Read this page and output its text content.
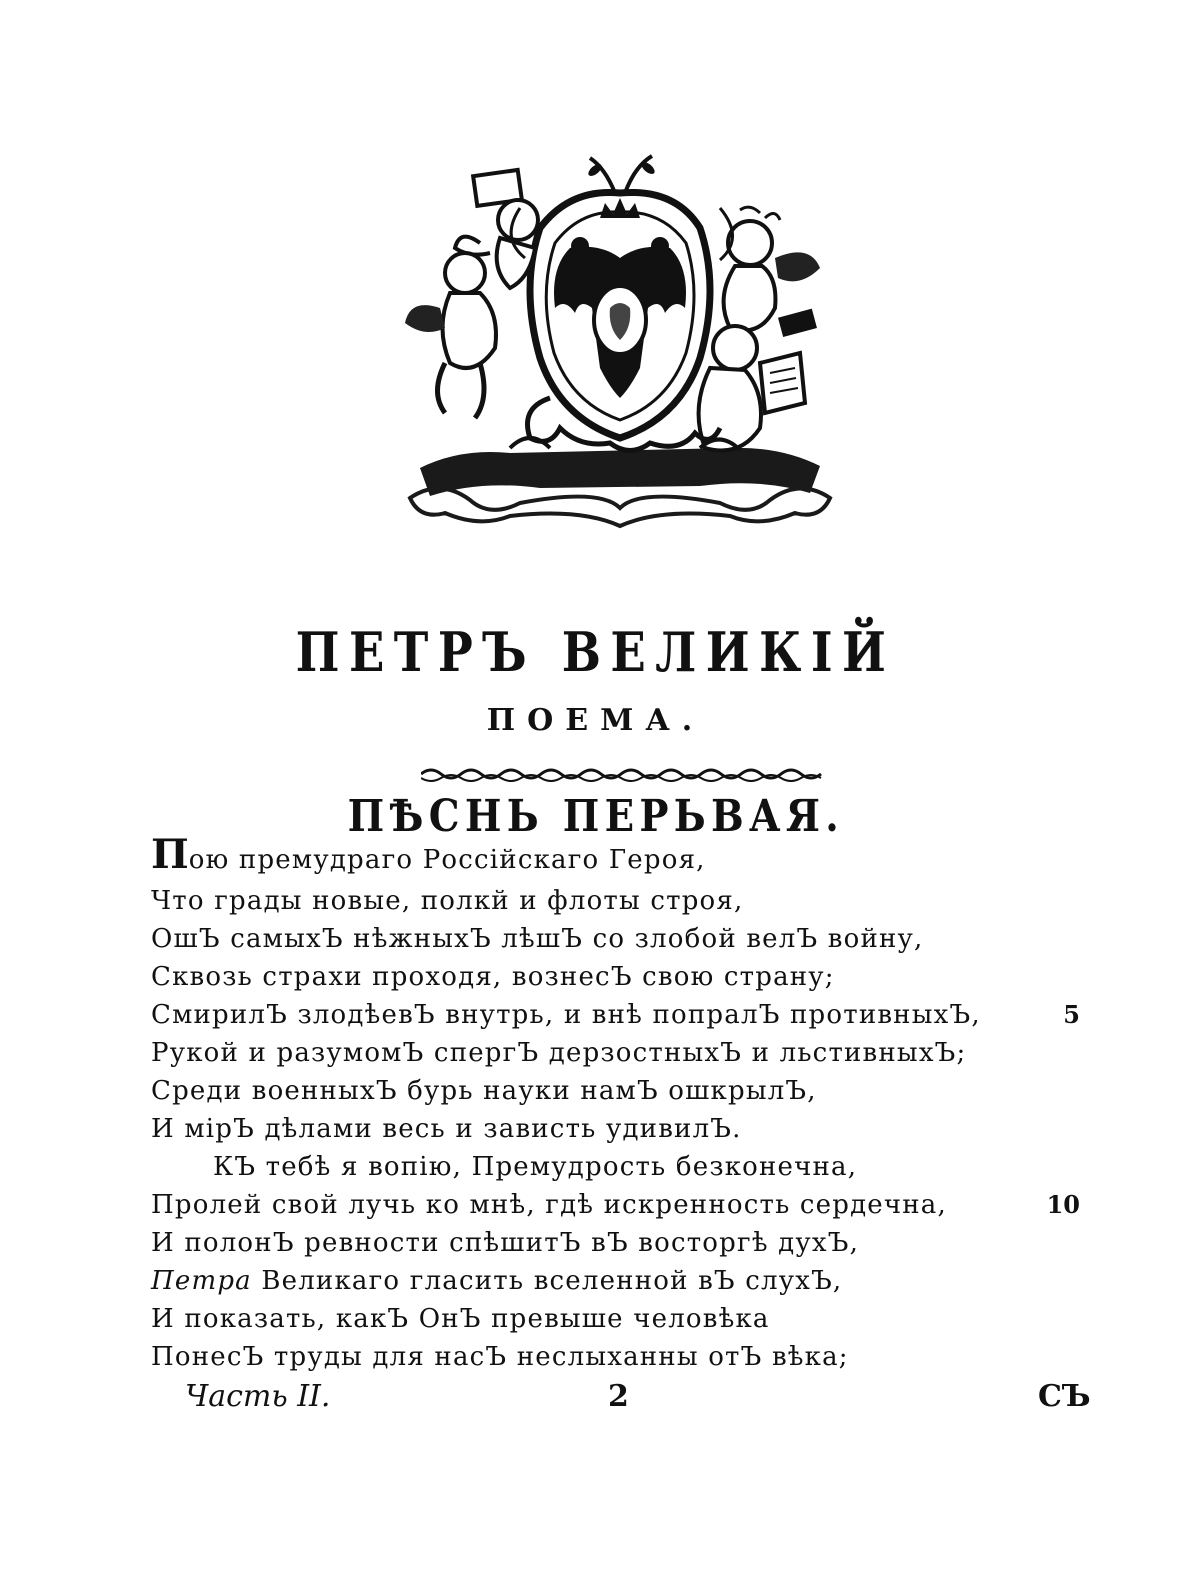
ПЕТРЪ ВЕЛИКІЙ
ПОЕМА.
ПѢСНЬ ПЕРЬВАЯ.
Пою премудраго Россійскаго Героя,
Что грады новые, полкй и флоты строя,
ОшЪ самыхЪ нѣжныхЪ лѣшЪ со злобой велЪ войну,
Сквозь страхи проходя, вознесЪ свою страну;
СмирилЪ злодѣевЪ внутрь, и внѣ попралЪ противныхЪ,
Рукой и разумомЪ спергЪ дерзостныхЪ и льстивныхЪ;
Среди военныхЪ бурь науки намЪ ошкрылЪ,
И мірЪ дѣлами весь и зависть удивилЪ.
КЪ тебѣ я вопію, Премудрость безконечна,
Пролей свой лучь ко мнѣ, гдѣ искренность сердечна,
И полонЪ ревности спѣшитЪ вЪ восторгѣ духЪ,
Петра Великаго гласить вселенной вЪ слухЪ,
И показать, какЪ ОнЪ превыше человѣка
ПонесЪ труды для насЪ неслыханны отЪ вѣка;
5
10
Часть II.	2	СЪ
